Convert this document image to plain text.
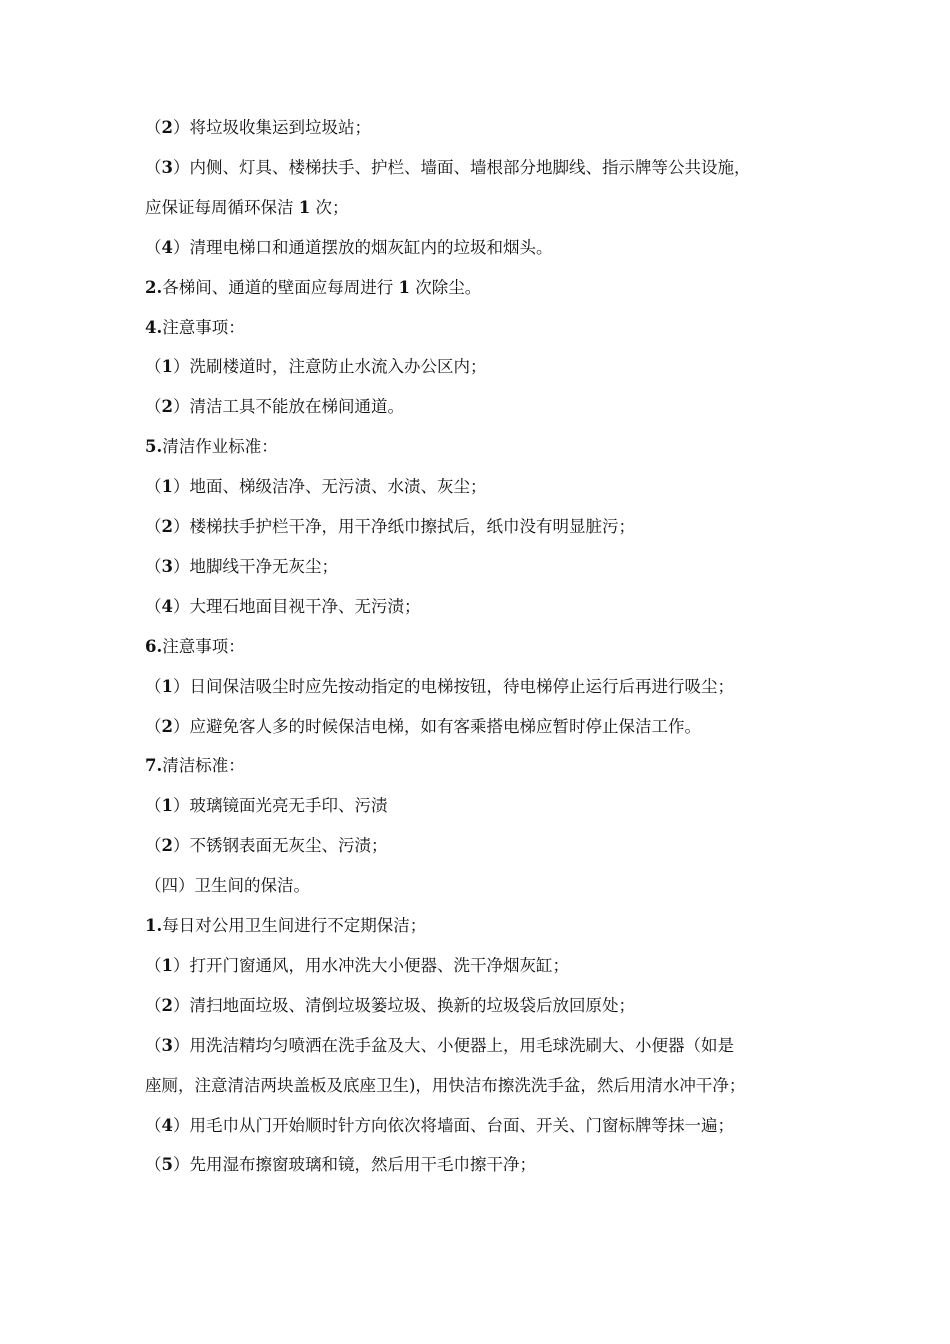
（2）将垃圾收集运到垃圾站；
（3）内侧、灯具、楼梯扶手、护栏、墙面、墙根部分地脚线、指示牌等公共设施，
应保证每周循环保洁 1 次；
（4）清理电梯口和通道摆放的烟灰缸内的垃圾和烟头。
2.各梯间、通道的壁面应每周进行 1 次除尘。
4.注意事项：
（1）洗刷楼道时，注意防止水流入办公区内；
（2）清洁工具不能放在梯间通道。
5.清洁作业标准：
（1）地面、梯级洁净、无污渍、水渍、灰尘；
（2）楼梯扶手护栏干净，用干净纸巾擦拭后，纸巾没有明显脏污；
（3）地脚线干净无灰尘；
（4）大理石地面目视干净、无污渍；
6.注意事项：
（1）日间保洁吸尘时应先按动指定的电梯按钮，待电梯停止运行后再进行吸尘；
（2）应避免客人多的时候保洁电梯，如有客乘搭电梯应暂时停止保洁工作。
7.清洁标准：
（1）玻璃镜面光亮无手印、污渍
（2）不锈钢表面无灰尘、污渍；
（四）卫生间的保洁。
1.每日对公用卫生间进行不定期保洁；
（1）打开门窗通风，用水冲洗大小便器、洗干净烟灰缸；
（2）清扫地面垃圾、清倒垃圾篓垃圾、换新的垃圾袋后放回原处；
（3）用洗洁精均匀喷洒在洗手盆及大、小便器上，用毛球洗刷大、小便器（如是
座厕，注意清洁两块盖板及底座卫生)，用快洁布擦洗洗手盆，然后用清水冲干净；
（4）用毛巾从门开始顺时针方向依次将墙面、台面、开关、门窗标牌等抹一遍；
（5）先用湿布擦窗玻璃和镜，然后用干毛巾擦干净；
